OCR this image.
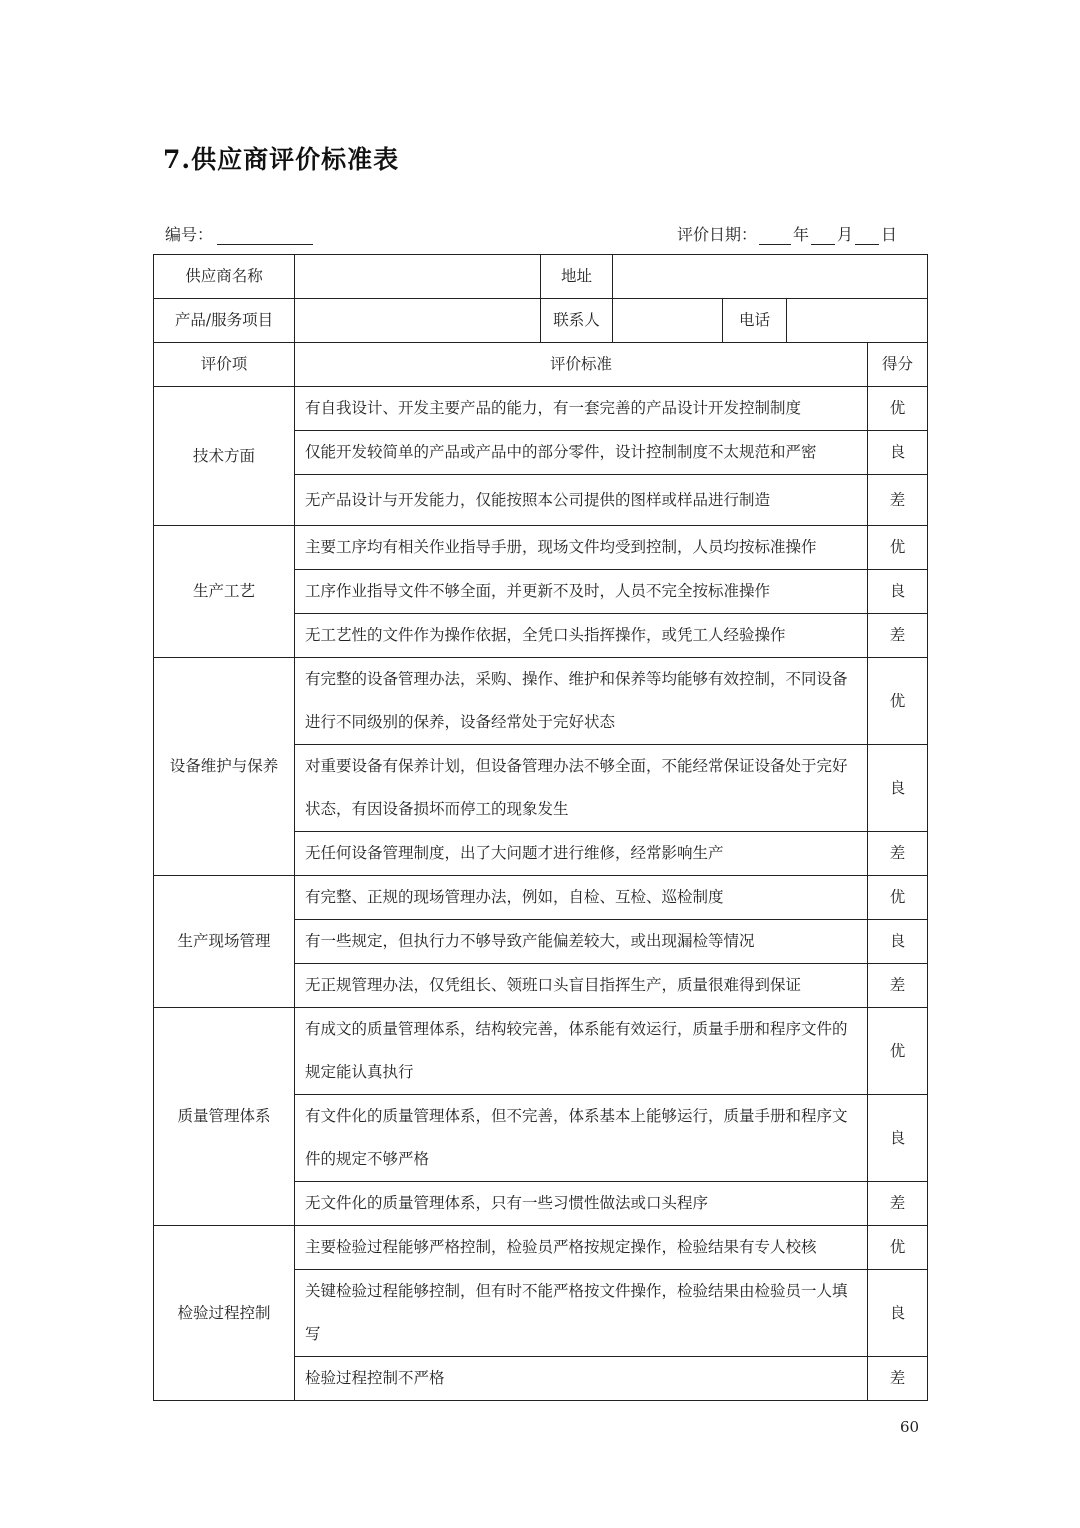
7.供应商评价标准表
编号：	评价日期： 年 月 日
供应商名称		地址				
产品/服务项目		联系人		电话		
评价项	评价标准					得分
技术方面	有自我设计、开发主要产品的能力，有一套完善的产品设计开发控制制度					优
	仅能开发较简单的产品或产品中的部分零件，设计控制制度不太规范和严密					良
	无产品设计与开发能力，仅能按照本公司提供的图样或样品进行制造					差
生产工艺	主要工序均有相关作业指导手册，现场文件均受到控制，人员均按标准操作					优
	工序作业指导文件不够全面，并更新不及时，人员不完全按标准操作					良
	无工艺性的文件作为操作依据，全凭口头指挥操作，或凭工人经验操作					差
设备维护与保养	有完整的设备管理办法，采购、操作、维护和保养等均能够有效控制，不同设备进行不同级别的保养，设备经常处于完好状态					优
	对重要设备有保养计划，但设备管理办法不够全面，不能经常保证设备处于完好状态，有因设备损坏而停工的现象发生					良
	无任何设备管理制度，出了大问题才进行维修，经常影响生产					差
生产现场管理	有完整、正规的现场管理办法，例如，自检、互检、巡检制度					优
	有一些规定，但执行力不够导致产能偏差较大，或出现漏检等情况					良
	无正规管理办法，仅凭组长、领班口头盲目指挥生产，质量很难得到保证					差
质量管理体系	有成文的质量管理体系，结构较完善，体系能有效运行，质量手册和程序文件的规定能认真执行					优
	有文件化的质量管理体系，但不完善，体系基本上能够运行，质量手册和程序文件的规定不够严格					良
	无文件化的质量管理体系，只有一些习惯性做法或口头程序					差
检验过程控制	主要检验过程能够严格控制，检验员严格按规定操作，检验结果有专人校核					优
	关键检验过程能够控制，但有时不能严格按文件操作，检验结果由检验员一人填写					良
	检验过程控制不严格					差
60
